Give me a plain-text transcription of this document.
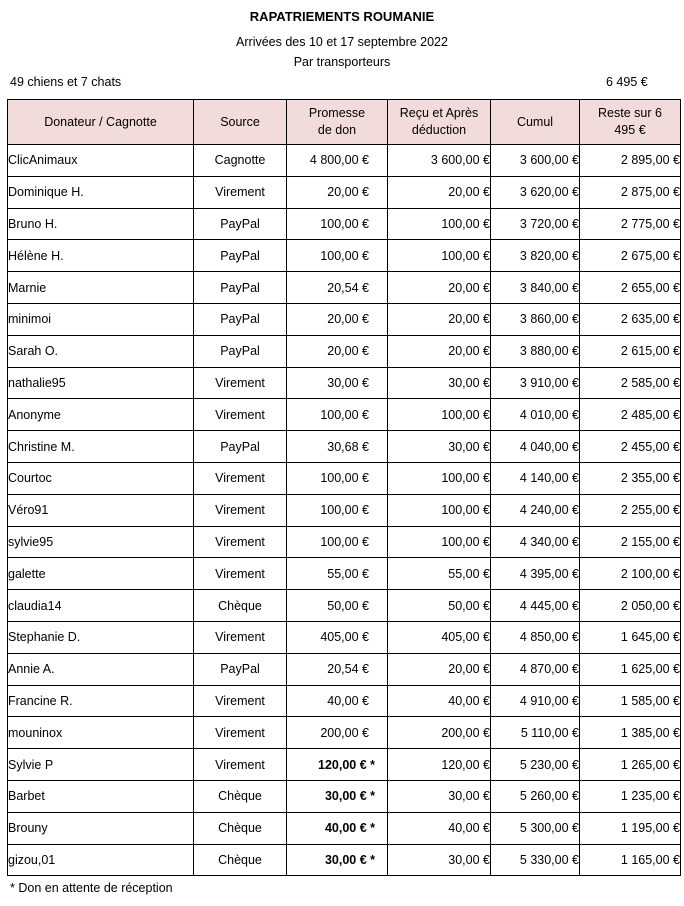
RAPATRIEMENTS ROUMANIE
Arrivées des 10 et 17 septembre 2022
Par transporteurs
49 chiens et 7 chats	6 495 €
Donateur / Cagnotte	Source	Promesse de don	Reçu et Après déduction	Cumul	Reste sur 6 495 €
ClicAnimaux	Cagnotte	4 800,00 €	3 600,00 €	3 600,00 €	2 895,00 €
Dominique H.	Virement	20,00 €	20,00 €	3 620,00 €	2 875,00 €
Bruno H.	PayPal	100,00 €	100,00 €	3 720,00 €	2 775,00 €
Hélène H.	PayPal	100,00 €	100,00 €	3 820,00 €	2 675,00 €
Marnie	PayPal	20,54 €	20,00 €	3 840,00 €	2 655,00 €
minimoi	PayPal	20,00 €	20,00 €	3 860,00 €	2 635,00 €
Sarah O.	PayPal	20,00 €	20,00 €	3 880,00 €	2 615,00 €
nathalie95	Virement	30,00 €	30,00 €	3 910,00 €	2 585,00 €
Anonyme	Virement	100,00 €	100,00 €	4 010,00 €	2 485,00 €
Christine M.	PayPal	30,68 €	30,00 €	4 040,00 €	2 455,00 €
Courtoc	Virement	100,00 €	100,00 €	4 140,00 €	2 355,00 €
Véro91	Virement	100,00 €	100,00 €	4 240,00 €	2 255,00 €
sylvie95	Virement	100,00 €	100,00 €	4 340,00 €	2 155,00 €
galette	Virement	55,00 €	55,00 €	4 395,00 €	2 100,00 €
claudia14	Chèque	50,00 €	50,00 €	4 445,00 €	2 050,00 €
Stephanie D.	Virement	405,00 €	405,00 €	4 850,00 €	1 645,00 €
Annie A.	PayPal	20,54 €	20,00 €	4 870,00 €	1 625,00 €
Francine R.	Virement	40,00 €	40,00 €	4 910,00 €	1 585,00 €
mouninox	Virement	200,00 €	200,00 €	5 110,00 €	1 385,00 €
Sylvie P	Virement	120,00 € *	120,00 €	5 230,00 €	1 265,00 €
Barbet	Chèque	30,00 € *	30,00 €	5 260,00 €	1 235,00 €
Brouny	Chèque	40,00 € *	40,00 €	5 300,00 €	1 195,00 €
gizou,01	Chèque	30,00 € *	30,00 €	5 330,00 €	1 165,00 €
* Don en attente de réception
